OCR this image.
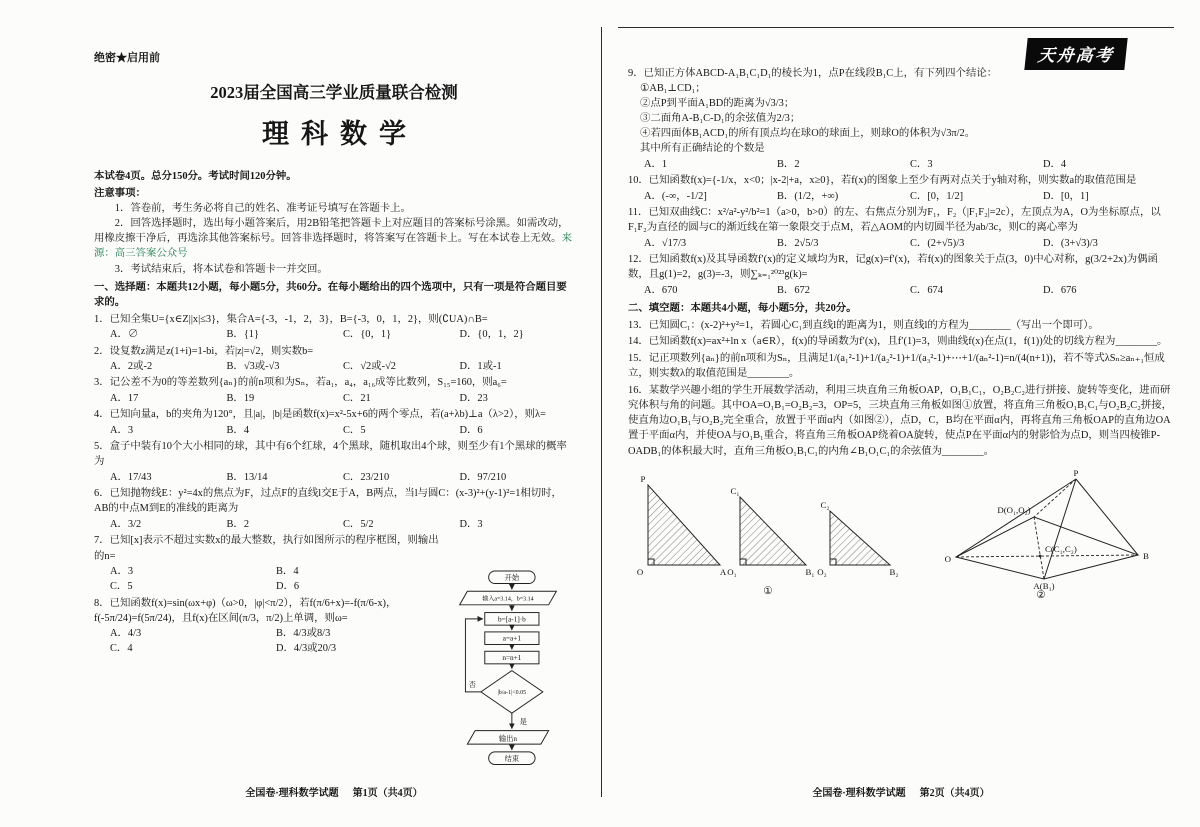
天舟高考
绝密★启用前
2023届全国高三学业质量联合检测
理科数学
本试卷4页。总分150分。考试时间120分钟。
注意事项：
1．答卷前，考生务必将自己的姓名、准考证号填写在答题卡上。
2．回答选择题时，选出每小题答案后，用2B铅笔把答题卡上对应题目的答案标号涂黑。如需改动，用橡皮擦干净后，再选涂其他答案标号。回答非选择题时，将答案写在答题卡上。写在本试卷上无效。来源：高三答案公众号
3．考试结束后，将本试卷和答题卡一并交回。
一、选择题：本题共12小题，每小题5分，共60分。在每小题给出的四个选项中，只有一项是符合题目要求的。
1．已知全集U={x∈Z||x|≤3}，集合A={-3，-1，2，3}，B={-3，0，1，2}，则(∁UA)∩B=
A．∅	B．{1}	C．{0，1}	D．{0，1，2}
2．设复数z满足z(1+i)=1-bi，若|z|=√2，则实数b=
A．2或-2	B．√3或-√3	C．√2或-√2	D．1或-1
3．记公差不为0的等差数列{aₙ}的前n项和为Sₙ，若a₁，a₄，a₁₆成等比数列，S₁₅=160，则a₆=
A．17	B．19	C．21	D．23
4．已知向量a，b的夹角为120°，且|a|，|b|是函数f(x)=x²-5x+6的两个零点，若(a+λb)⊥a（λ>2），则λ=
A．3	B．4	C．5	D．6
5．盒子中装有10个大小相同的球，其中有6个红球，4个黑球，随机取出4个球，则至少有1个黑球的概率为
A．17/43	B．13/14	C．23/210	D．97/210
6．已知抛物线E：y²=4x的焦点为F，过点F的直线l交E于A，B两点，当l与圆C：(x-3)²+(y-1)²=1相切时，AB的中点M到E的准线的距离为
A．3/2	B．2	C．5/2	D．3
7．已知[x]表示不超过实数x的最大整数，执行如图所示的程序框图，则输出的n=
A．3	B．4
C．5	D．6
8．已知函数f(x)=sin(ωx+φ)（ω>0，|φ|<π/2），若f(π/6+x)=-f(π/6-x)，f(-5π/24)=f(5π/24)，且f(x)在区间(π/3，π/2)上单调，则ω=
A．4/3	B．4/3或8/3
C．4	D．4/3或20/3
开始
输入a=3.14，b=3.14
b=[a-1]·b
a=a+1
n=n+1
|b/a-1|<0.05
否
是
输出n
结束
全国卷·理科数学试题 第1页（共4页）
9．已知正方体ABCD-A₁B₁C₁D₁的棱长为1，点P在线段B₁C上，有下列四个结论：
①AB₁⊥CD₁；
②点P到平面A₁BD的距离为√3/3；
③二面角A-B₁C-D₁的余弦值为2/3；
④若四面体B₁ACD₁的所有顶点均在球O的球面上，则球O的体积为√3π/2。
其中所有正确结论的个数是
A．1	B．2	C．3	D．4
10．已知函数f(x)={-1/x，x<0；|x-2|+a，x≥0}，若f(x)的图象上至少有两对点关于y轴对称，则实数a的取值范围是
A．(-∞，-1/2]	B．(1/2，+∞)	C．[0，1/2]	D．[0，1]
11．已知双曲线C：x²/a²-y²/b²=1（a>0，b>0）的左、右焦点分别为F₁，F₂（|F₁F₂|=2c），左顶点为A，O为坐标原点，以F₁F₂为直径的圆与C的渐近线在第一象限交于点M，若△AOM的内切圆半径为ab/3c，则C的离心率为
A．√17/3	B．2√5/3	C．(2+√5)/3	D．(3+√3)/3
12．已知函数f(x)及其导函数f′(x)的定义域均为R，记g(x)=f′(x)，若f(x)的图象关于点(3，0)中心对称，g(3/2+2x)为偶函数，且g(1)=2，g(3)=-3，则∑ₖ₌₁²⁰²³g(k)=
A．670	B．672	C．674	D．676
二、填空题：本题共4小题，每小题5分，共20分。
13．已知圆C₁：(x-2)²+y²=1，若圆心C₁到直线l的距离为1，则直线l的方程为________（写出一个即可）。
14．已知函数f(x)=ax²+ln x（a∈R），f(x)的导函数为f′(x)，且f′(1)=3，则曲线f(x)在点(1，f(1))处的切线方程为________。
15．记正项数列{aₙ}的前n项和为Sₙ，且满足1/(a₁²-1)+1/(a₂²-1)+1/(a₃²-1)+⋯+1/(aₙ²-1)=n/(4(n+1))，若不等式λSₙ≥aₙ₊₁恒成立，则实数λ的取值范围是________。
16．某数学兴趣小组的学生开展数学活动，利用三块直角三角板OAP，O₁B₁C₁，O₂B₂C₂进行拼接、旋转等变化，进而研究体积与角的问题。其中OA=O₁B₁=O₂B₂=3，OP=5，三块直角三角板如图①放置，将直角三角板O₁B₁C₁与O₂B₂C₂拼接，使直角边O₁B₁与O₂B₂完全重合，放置于平面α内（如图②），点D，C，B均在平面α内，再将直角三角板OAP的直角边OA置于平面α内，并使OA与O₁B₁重合，将直角三角板OAP绕着OA旋转，使点P在平面α内的射影恰为点D，则当四棱锥P-OADB₁的体积最大时，直角三角板O₁B₁C₁的内角∠B₁O₁C₁的余弦值为________。
P
O	A
C₁
O₁	B₁
C₂
O₂	B₂
①
P
D(O₁,O₂)
C(C₁,C₂)
O
A(B₁)
B
②
全国卷·理科数学试题 第2页（共4页）
